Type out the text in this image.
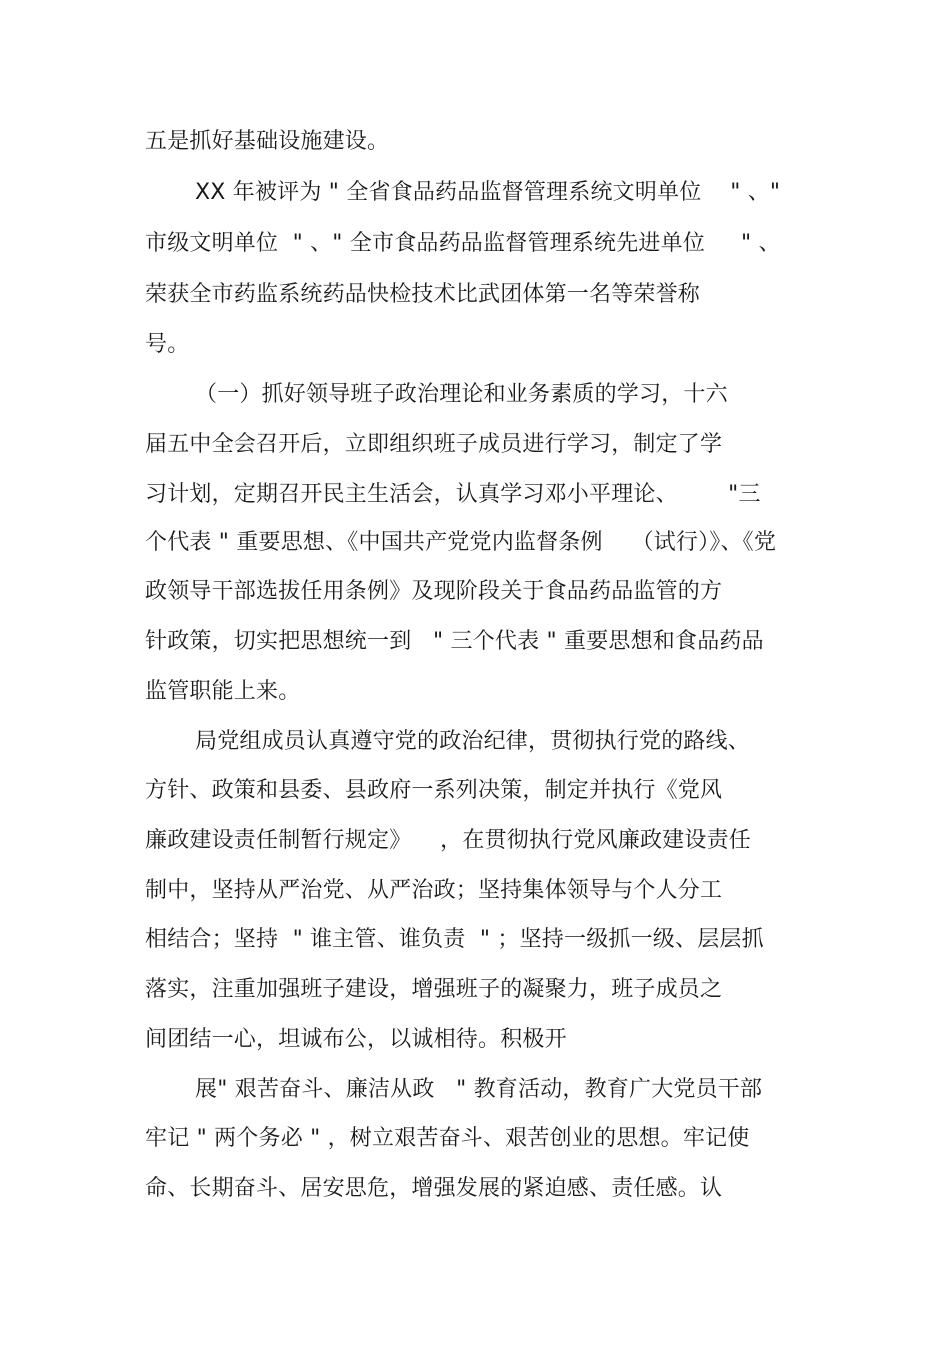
五是抓好基础设施建设。
XX 年被评为 " 全省食品药品监督管理系统文明单位    " 、"
市级文明单位  " 、" 全市食品药品监督管理系统先进单位     " 、
荣获全市药监系统药品快检技术比武团体第一名等荣誉称
号。
（一）抓好领导班子政治理论和业务素质的学习，十六
届五中全会召开后，立即组织班子成员进行学习，制定了学
习计划，定期召开民主生活会，认真学习邓小平理论、       "三
个代表 " 重要思想、《中国共产党党内监督条例    （试行）》、《党
政领导干部选拔任用条例》及现阶段关于食品药品监管的方
针政策，切实把思想统一到   " 三个代表 " 重要思想和食品药品
监管职能上来。
局党组成员认真遵守党的政治纪律，贯彻执行党的路线、
方针、政策和县委、县政府一系列决策，制定并执行《党风
廉政建设责任制暂行规定》    ，在贯彻执行党风廉政建设责任
制中，坚持从严治党、从严治政；坚持集体领导与个人分工
相结合；坚持  " 谁主管、谁负责  " ；坚持一级抓一级、层层抓
落实，注重加强班子建设，增强班子的凝聚力，班子成员之
间团结一心，坦诚布公，以诚相待。积极开
展" 艰苦奋斗、廉洁从政   " 教育活动，教育广大党员干部
牢记 " 两个务必 " ，树立艰苦奋斗、艰苦创业的思想。牢记使
命、长期奋斗、居安思危，增强发展的紧迫感、责任感。认
